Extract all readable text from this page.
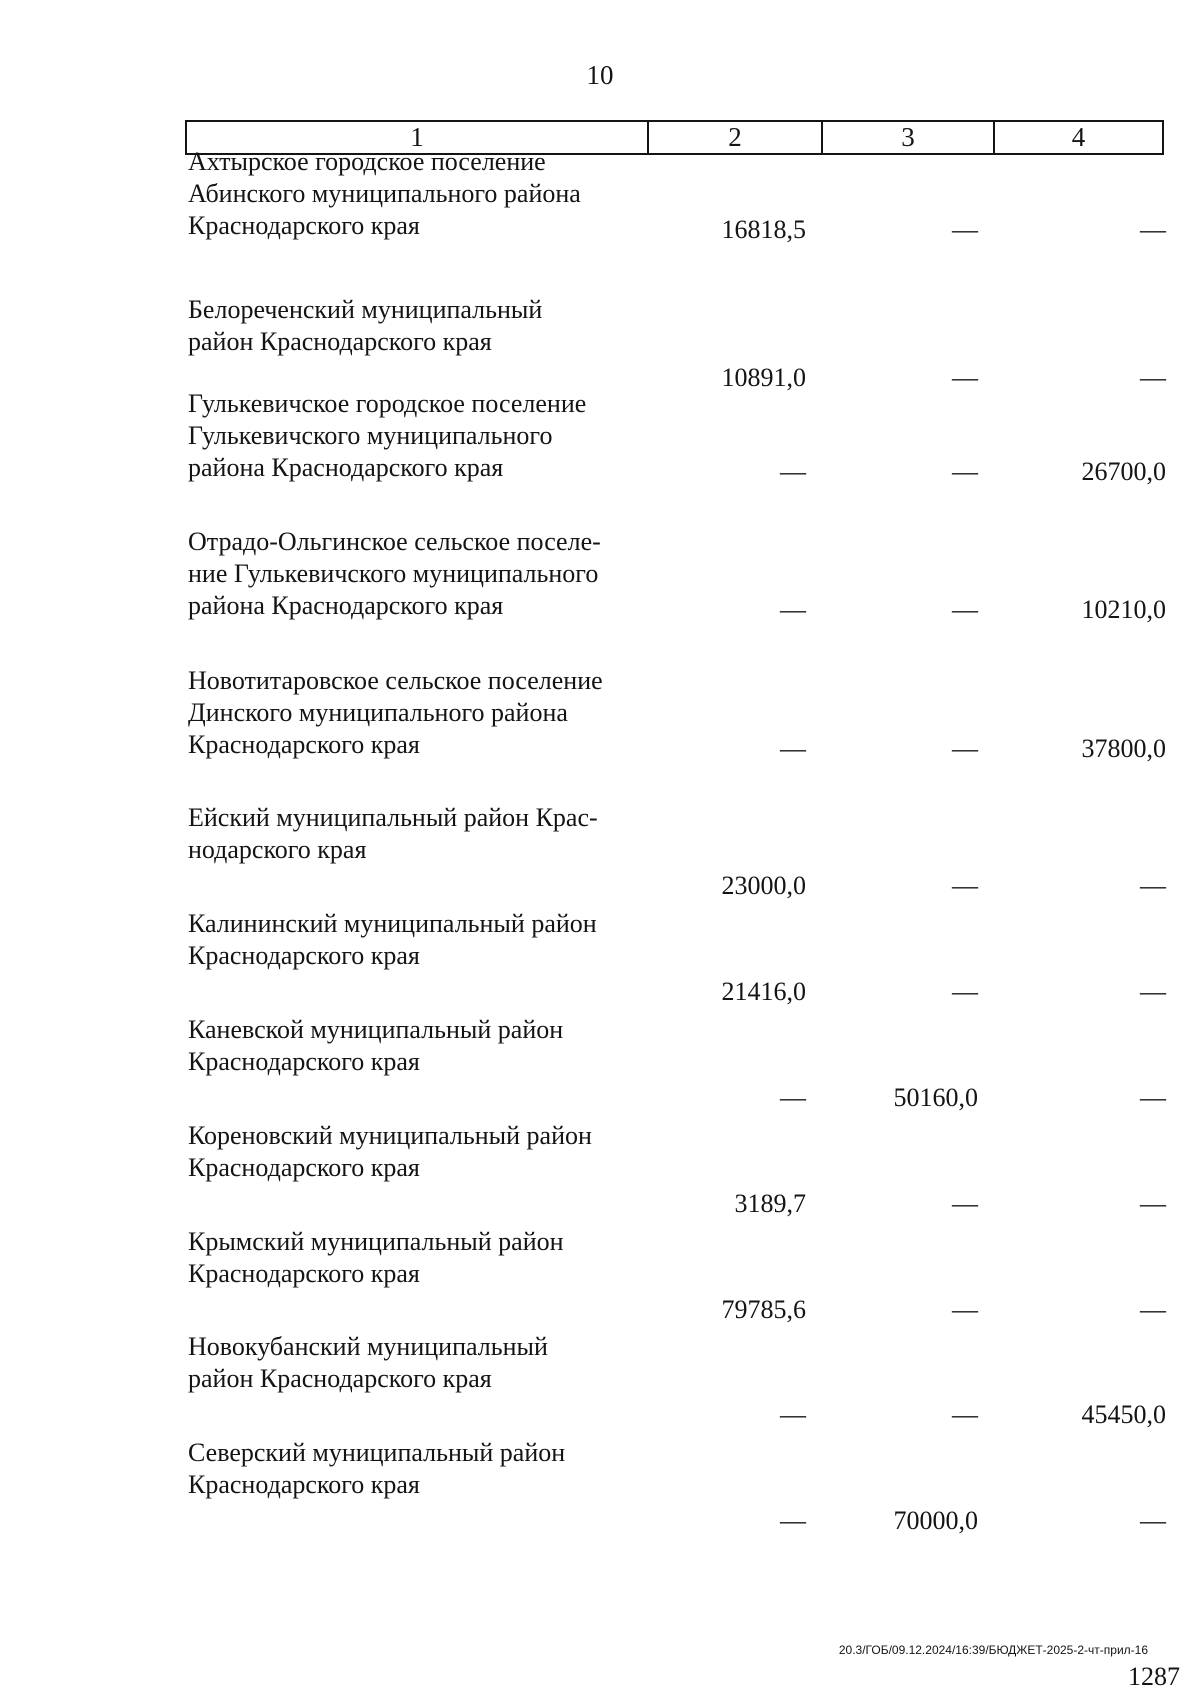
10
1	2	3	4
Ахтырское городское поселение
Абинского муниципального района
Краснодарского края	16818,5	—	—
Белореченский муниципальный
район Краснодарского края
10891,0	—	—
Гулькевичское городское поселение
Гулькевичского муниципального
района Краснодарского края	—	—	26700,0
Отрадо-Ольгинское сельское поселе-
ние Гулькевичского муниципального
района Краснодарского края	—	—	10210,0
Новотитаровское сельское поселение
Динского муниципального района
Краснодарского края	—	—	37800,0
Ейский муниципальный район Крас-
нодарского края
23000,0	—	—
Калининский муниципальный район
Краснодарского края
21416,0	—	—
Каневской муниципальный район
Краснодарского края
—	50160,0	—
Кореновский муниципальный район
Краснодарского края
3189,7	—	—
Крымский муниципальный район
Краснодарского края
79785,6	—	—
Новокубанский муниципальный
район Краснодарского края
—	—	45450,0
Северский муниципальный район
Краснодарского края
—	70000,0	—
20.3/ГОБ/09.12.2024/16:39/БЮДЖЕТ-2025-2-чт-прил-16
1287
